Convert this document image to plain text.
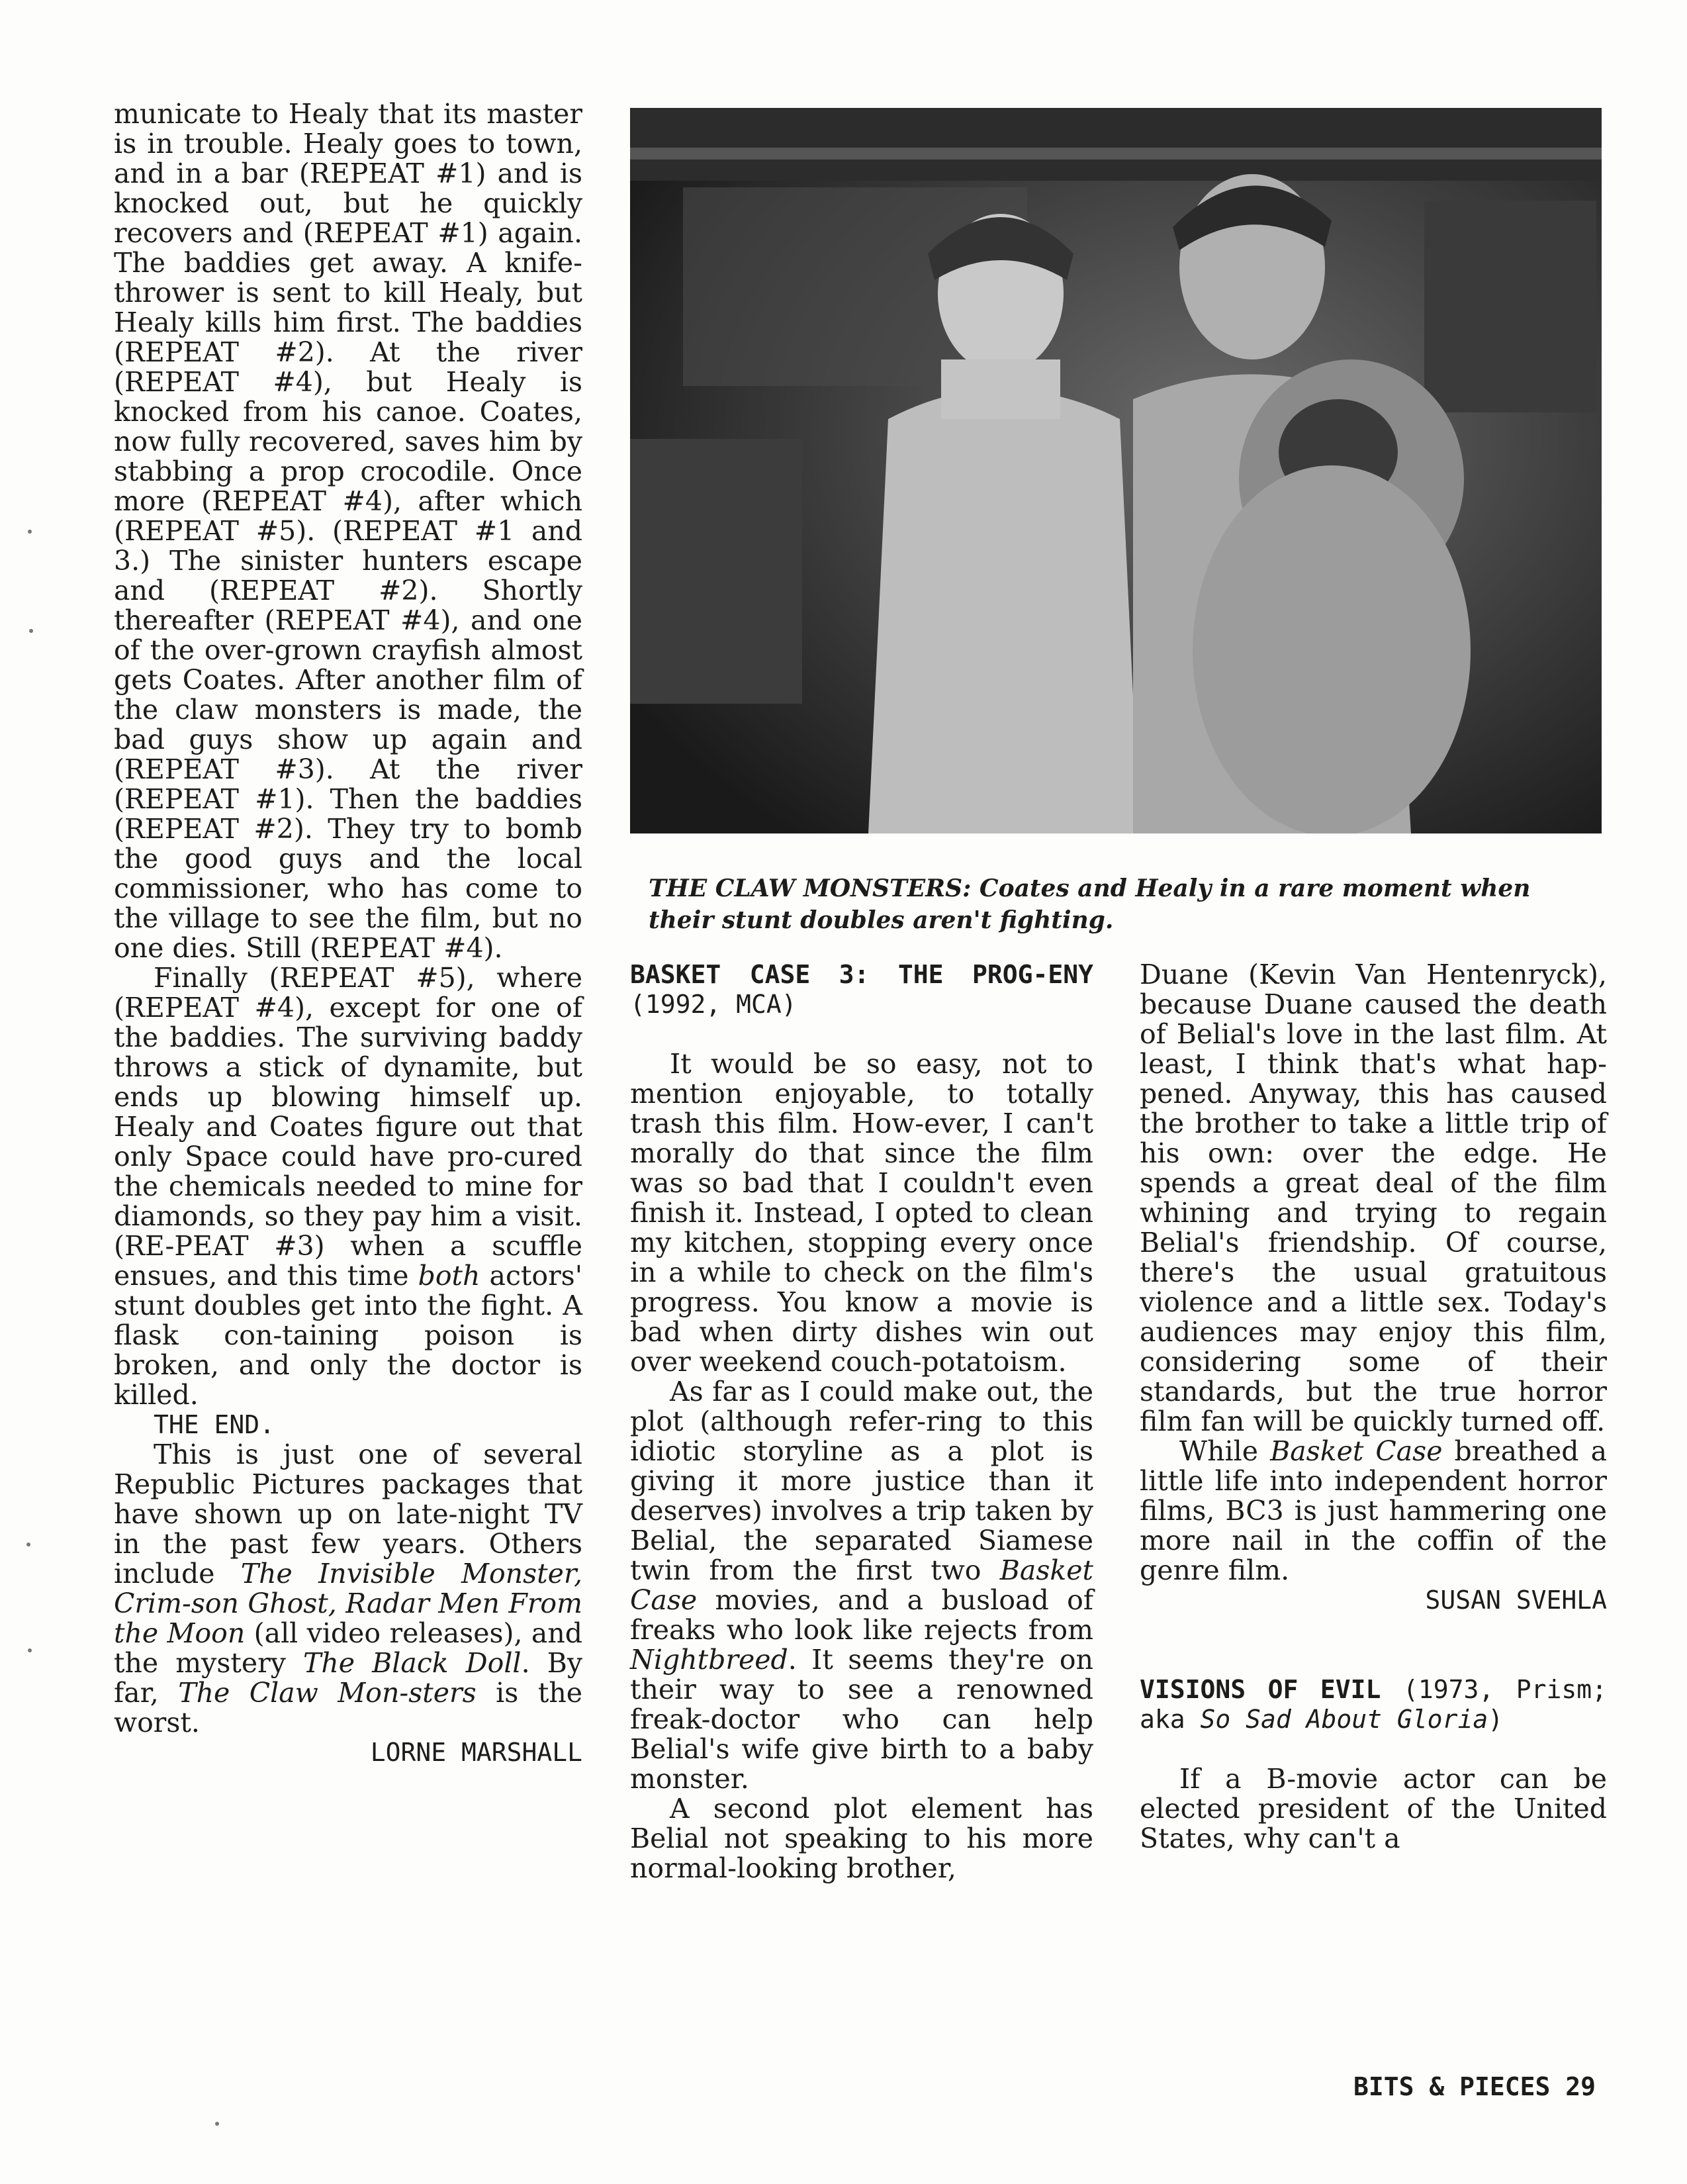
municate to Healy that its master is in trouble. Healy goes to town, and in a bar (REPEAT #1) and is knocked out, but he quickly recovers and (REPEAT #1) again. The baddies get away. A knife-thrower is sent to kill Healy, but Healy kills him first. The baddies (REPEAT #2). At the river (REPEAT #4), but Healy is knocked from his canoe. Coates, now fully recovered, saves him by stabbing a prop crocodile. Once more (REPEAT #4), after which (REPEAT #5). (REPEAT #1 and 3.) The sinister hunters escape and (REPEAT #2). Shortly thereafter (REPEAT #4), and one of the over-grown crayfish almost gets Coates. After another film of the claw monsters is made, the bad guys show up again and (REPEAT #3). At the river (REPEAT #1). Then the baddies (REPEAT #2). They try to bomb the good guys and the local commissioner, who has come to the village to see the film, but no one dies. Still (REPEAT #4).

Finally (REPEAT #5), where (REPEAT #4), except for one of the baddies. The surviving baddy throws a stick of dynamite, but ends up blowing himself up. Healy and Coates figure out that only Space could have pro-cured the chemicals needed to mine for diamonds, so they pay him a visit. (RE-PEAT #3) when a scuffle ensues, and this time both actors' stunt doubles get into the fight. A flask con-taining poison is broken, and only the doctor is killed.

THE END.

This is just one of several Republic Pictures packages that have shown up on late-night TV in the past few years. Others include The Invisible Monster, Crim-son Ghost, Radar Men From the Moon (all video releases), and the mystery The Black Doll. By far, The Claw Mon-sters is the worst.

LORNE MARSHALL

THE CLAW MONSTERS: Coates and Healy in a rare moment when their stunt doubles aren't fighting.

BASKET CASE 3: THE PROG-ENY (1992, MCA)

It would be so easy, not to mention enjoyable, to totally trash this film. How-ever, I can't morally do that since the film was so bad that I couldn't even finish it. Instead, I opted to clean my kitchen, stopping every once in a while to check on the film's progress. You know a movie is bad when dirty dishes win out over weekend couch-potatoism.

As far as I could make out, the plot (although refer-ring to this idiotic storyline as a plot is giving it more justice than it deserves) involves a trip taken by Belial, the separated Siamese twin from the first two Basket Case movies, and a busload of freaks who look like rejects from Nightbreed. It seems they're on their way to see a renowned freak-doctor who can help Belial's wife give birth to a baby monster.

A second plot element has Belial not speaking to his more normal-looking brother,

Duane (Kevin Van Hentenryck), because Duane caused the death of Belial's love in the last film. At least, I think that's what hap-pened. Anyway, this has caused the brother to take a little trip of his own: over the edge. He spends a great deal of the film whining and trying to regain Belial's friendship. Of course, there's the usual gratuitous violence and a little sex. Today's audiences may enjoy this film, considering some of their standards, but the true horror film fan will be quickly turned off.

While Basket Case breathed a little life into independent horror films, BC3 is just hammering one more nail in the coffin of the genre film.

SUSAN SVEHLA

VISIONS OF EVIL (1973, Prism; aka So Sad About Gloria)

If a B-movie actor can be elected president of the United States, why can't a

BITS & PIECES 29
